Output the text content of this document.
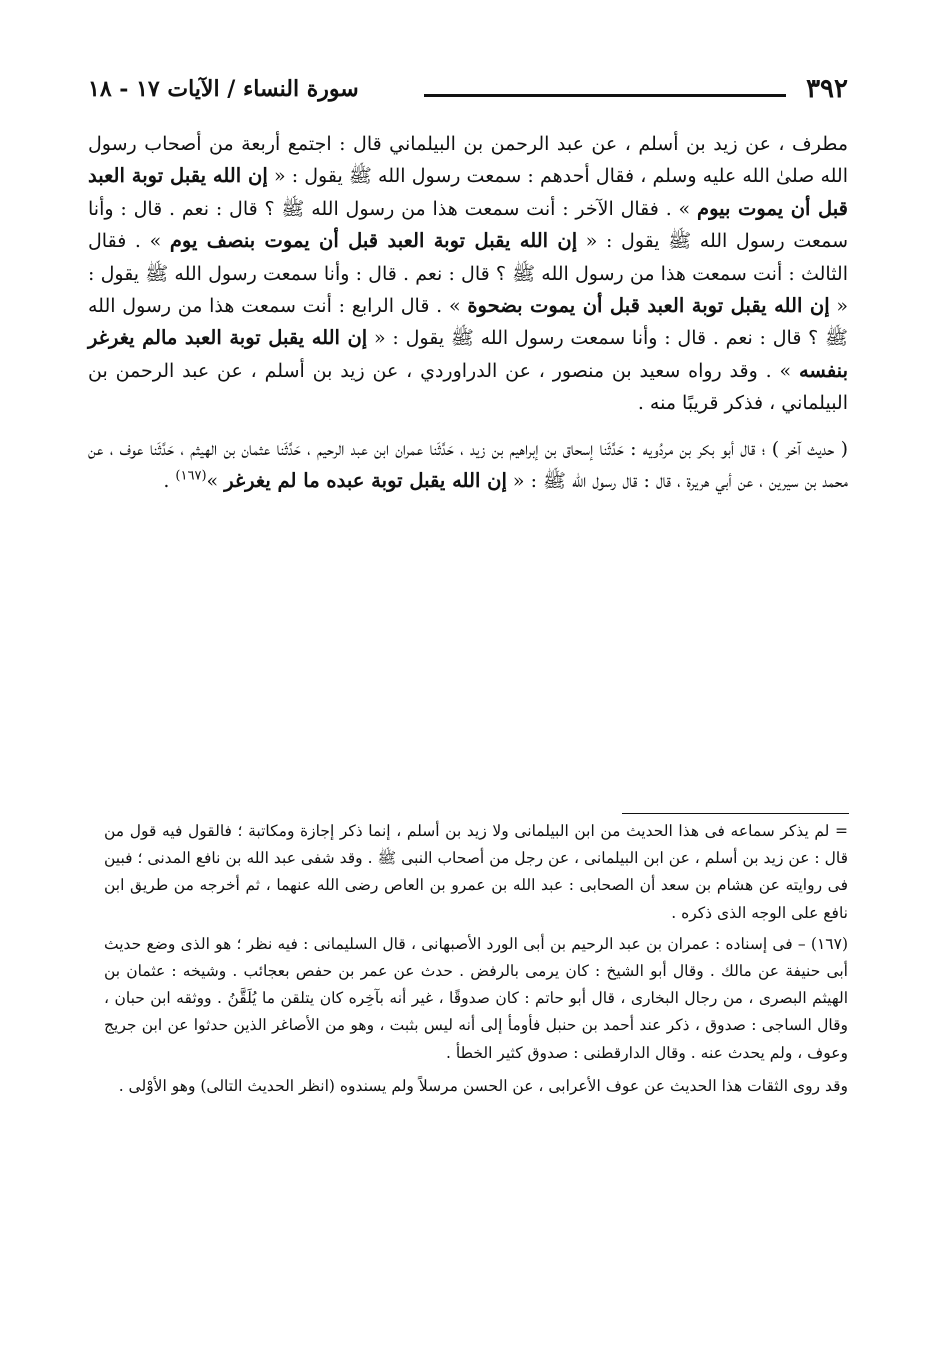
٣٩٢
سورة النساء / الآيات ١٧ - ١٨

مطرف ، عن زيد بن أسلم ، عن عبد الرحمن بن البيلماني قال : اجتمع أربعة من أصحاب رسول الله صلىٰ الله عليه وسلم ، فقال أحدهم : سمعت رسول الله ﷺ يقول : « إن الله يقبل توبة العبد قبل أن يموت بيوم » . فقال الآخر : أنت سمعت هذا من رسول الله ﷺ ؟ قال : نعم . قال : وأنا سمعت رسول الله ﷺ يقول : « إن الله يقبل توبة العبد قبل أن يموت بنصف يوم » . فقال الثالث : أنت سمعت هذا من رسول الله ﷺ ؟ قال : نعم . قال : وأنا سمعت رسول الله ﷺ يقول : « إن الله يقبل توبة العبد قبل أن يموت بضحوة » . قال الرابع : أنت سمعت هذا من رسول الله ﷺ ؟ قال : نعم . قال : وأنا سمعت رسول الله ﷺ يقول : « إن الله يقبل توبة العبد مالم يغرغر بنفسه » . وقد رواه سعيد بن منصور ، عن الدراوردي ، عن زيد بن أسلم ، عن عبد الرحمن بن البيلماني ، فذكر قريبًا منه .

( حديث آخر ) ؛ قال أبو بكر بن مردُويه : حَدَّثَنا إسحاق بن إبراهيم بن زيد ، حَدَّثَنا عمران ابن عبد الرحيم ، حَدَّثَنا عثمان بن الهيثم ، حَدَّثَنا عوف ، عن محمد بن سيرين ، عن أبي هريرة ، قال : قال رسول الله ﷺ : « إن الله يقبل توبة عبده ما لم يغرغر »$^{(١٦٧)}$ .

= لم يذكر سماعه فى هذا الحديث من ابن البيلمانى ولا زيد بن أسلم ، إنما ذكر إجازة ومكاتبة ؛ فالقول فيه قول من قال : عن زيد بن أسلم ، عن ابن البيلمانى ، عن رجل من أصحاب النبى ﷺ . وقد شفى عبد الله بن نافع المدنى ؛ فبين فى روايته عن هشام بن سعد أن الصحابى : عبد الله بن عمرو بن العاص رضى الله عنهما ، ثم أخرجه من طريق ابن نافع على الوجه الذى ذكره .

(١٦٧) – فى إسناده : عمران بن عبد الرحيم بن أبى الورد الأصبهانى ، قال السليمانى : فيه نظر ؛ هو الذى وضع حديث أبى حنيفة عن مالك . وقال أبو الشيخ : كان يرمى بالرفض . حدث عن عمر بن حفص بعجائب . وشيخه : عثمان بن الهيثم البصرى ، من رجال البخارى ، قال أبو حاتم : كان صدوقًا ، غير أنه بآخِره كان يتلقن ما يُلَقَّنُ . ووثقه ابن حبان ، وقال الساجى : صدوق ، ذكر عند أحمد بن حنبل فأومأ إلى أنه ليس بثبت ، وهو من الأصاغر الذين حدثوا عن ابن جريج وعوف ، ولم يحدث عنه . وقال الدارقطنى : صدوق كثير الخطأ .

وقد روى الثقات هذا الحديث عن عوف الأعرابى ، عن الحسن مرسلاً ولم يسندوه (انظر الحديث التالى) وهو الأوْلى .
